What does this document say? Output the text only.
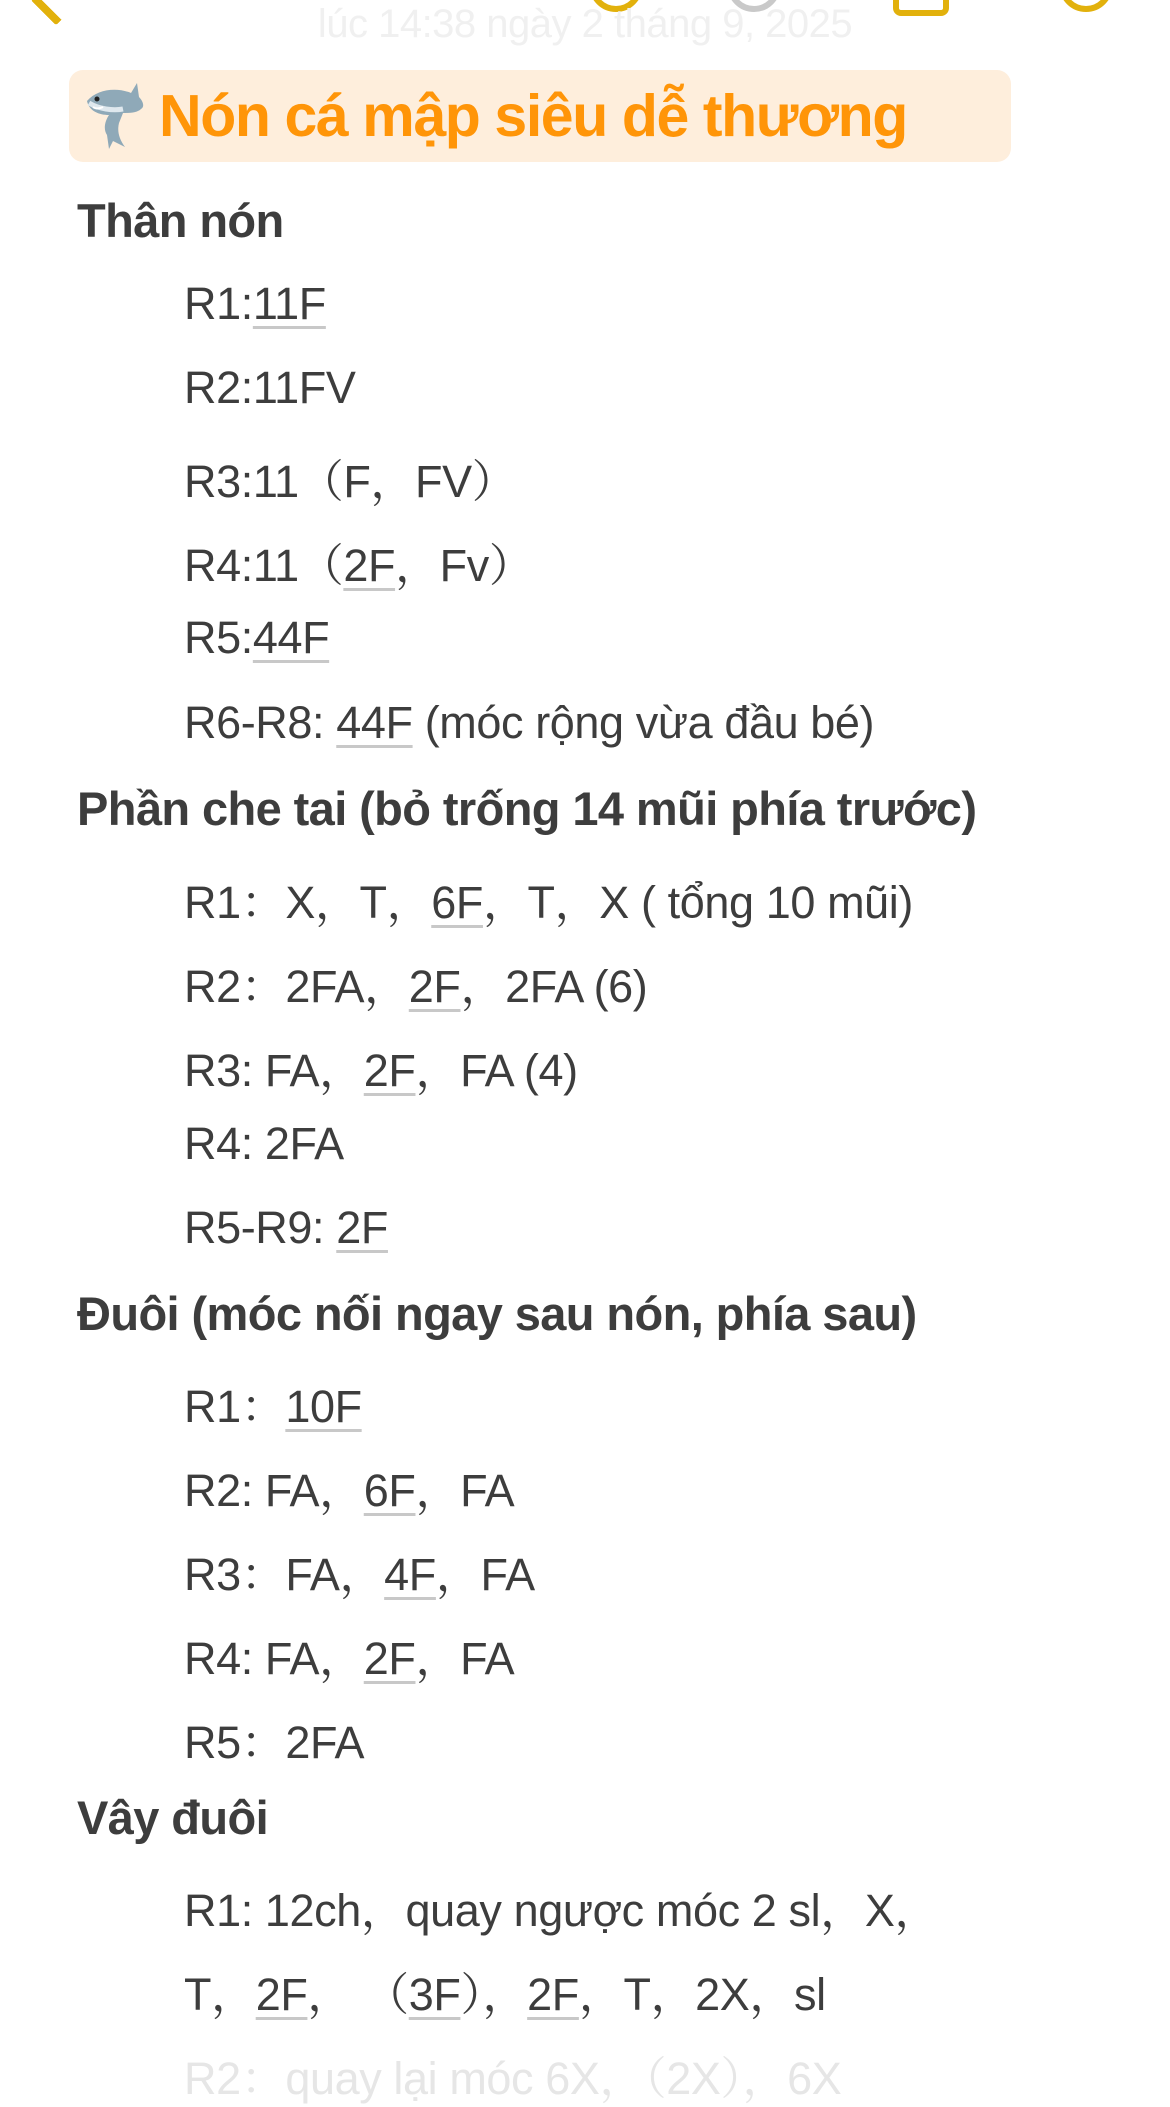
lúc 14:38 ngày 2 tháng 9, 2025
Nón cá mập siêu dễ thương
Thân nón
R1:11F
R2:11FV
R3:11（F，FV）
R4:11（2F，Fv）
R5:44F
R6-R8: 44F (móc rộng vừa đầu bé)
Phần che tai (bỏ trống 14 mũi phía trước)
R1：X，T，6F，T，X ( tổng 10 mũi)
R2：2FA，2F，2FA (6)
R3: FA，2F，FA (4)
R4: 2FA
R5-R9: 2F
Đuôi (móc nối ngay sau nón, phía sau)
R1：10F
R2: FA，6F，FA
R3：FA，4F，FA
R4: FA，2F，FA
R5：2FA
Vây đuôi
R1: 12ch，quay ngược móc 2 sl，X，
T，2F， （3F），2F，T，2X，sl
R2：quay lại móc 6X，（2X），6X
